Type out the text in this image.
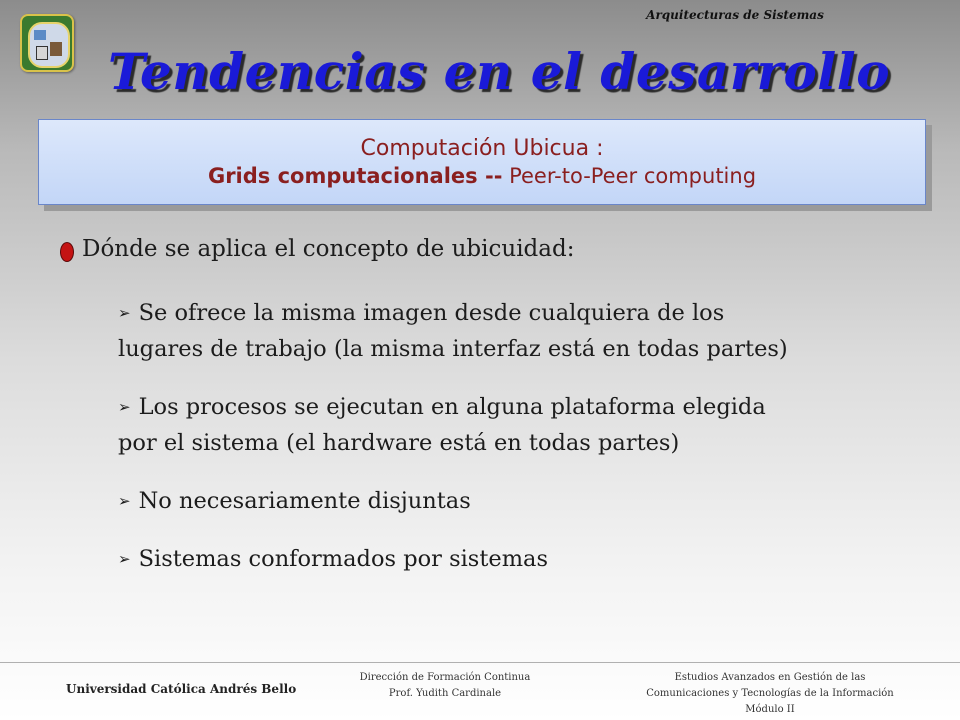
Arquitecturas de Sistemas
Tendencias en el desarrollo
Computación Ubicua :
Grids computacionales -- Peer-to-Peer computing
Dónde se aplica el concepto de ubicuidad:
➢ Se ofrece la misma imagen desde cualquiera de los
lugares de trabajo (la misma interfaz está en todas partes)
➢ Los procesos se ejecutan en alguna plataforma elegida
por el sistema (el hardware está en todas partes)
➢ No necesariamente disjuntas
➢ Sistemas conformados por sistemas
Universidad Católica Andrés Bello
Dirección de Formación Continua
Prof. Yudith Cardinale
Estudios Avanzados en Gestión de las
Comunicaciones y Tecnologías de la Información
Módulo II
